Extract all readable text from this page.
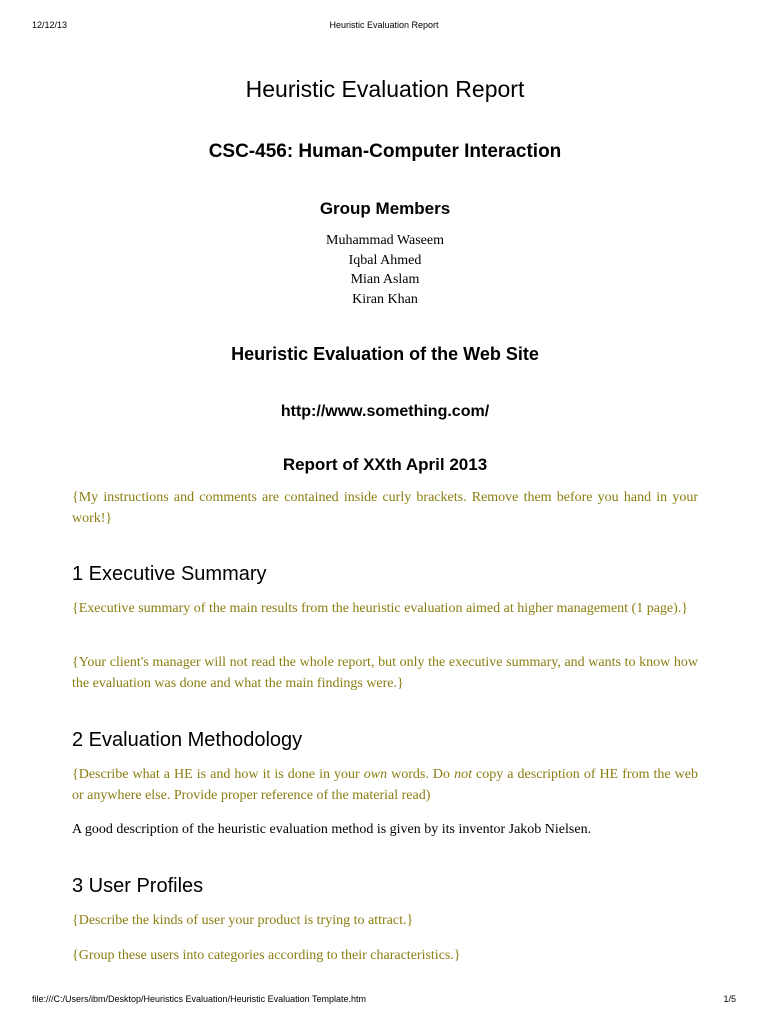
12/12/13	Heuristic Evaluation Report
Heuristic Evaluation Report
CSC-456: Human-Computer Interaction
Group Members
Muhammad Waseem
Iqbal Ahmed
Mian Aslam
Kiran Khan
Heuristic Evaluation of the Web Site
http://www.something.com/
Report of XXth April 2013

{My instructions and comments are contained inside curly brackets. Remove them before you hand in your work!}

1 Executive Summary

{Executive summary of the main results from the heuristic evaluation aimed at higher management (1 page).}

{Your client's manager will not read the whole report, but only the executive summary, and wants to know how the evaluation was done and what the main findings were.}

2 Evaluation Methodology

{Describe what a HE is and how it is done in your own words. Do not copy a description of HE from the web or anywhere else. Provide proper reference of the material read)

A good description of the heuristic evaluation method is given by its inventor Jakob Nielsen.

3 User Profiles

{Describe the kinds of user your product is trying to attract.}

{Group these users into categories according to their characteristics.}

file:///C:/Users/ibm/Desktop/Heuristics Evaluation/Heuristic Evaluation Template.htm	1/5
